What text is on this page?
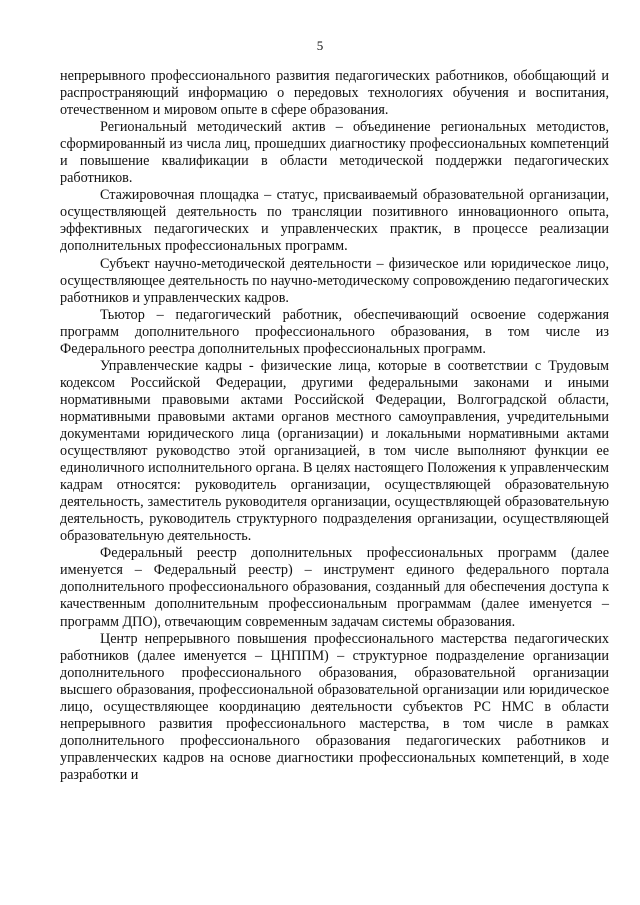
5

непрерывного профессионального развития педагогических работников, обобщающий и распространяющий информацию о передовых технологиях обучения и воспитания, отечественном и мировом опыте в сфере образования.

Региональный методический актив – объединение региональных методистов, сформированный из числа лиц, прошедших диагностику профессиональных компетенций и повышение квалификации в области методической поддержки педагогических работников.

Стажировочная площадка – статус, присваиваемый образовательной организации, осуществляющей деятельность по трансляции позитивного инновационного опыта, эффективных педагогических и управленческих практик, в процессе реализации дополнительных профессиональных программ.

Субъект научно-методической деятельности – физическое или юридическое лицо, осуществляющее деятельность по научно-методическому сопровождению педагогических работников и управленческих кадров.

Тьютор – педагогический работник, обеспечивающий освоение содержания программ дополнительного профессионального образования, в том числе из Федерального реестра дополнительных профессиональных программ.

Управленческие кадры - физические лица, которые в соответствии с Трудовым кодексом Российской Федерации, другими федеральными законами и иными нормативными правовыми актами Российской Федерации, Волгоградской области, нормативными правовыми актами органов местного самоуправления, учредительными документами юридического лица (организации) и локальными нормативными актами осуществляют руководство этой организацией, в том числе выполняют функции ее единоличного исполнительного органа. В целях настоящего Положения к управленческим кадрам относятся: руководитель организации, осуществляющей образовательную деятельность, заместитель руководителя организации, осуществляющей образовательную деятельность, руководитель структурного подразделения организации, осуществляющей образовательную деятельность.

Федеральный реестр дополнительных профессиональных программ (далее именуется – Федеральный реестр) – инструмент единого федерального портала дополнительного профессионального образования, созданный для обеспечения доступа к качественным дополнительным профессиональным программам (далее именуется – программ ДПО), отвечающим современным задачам системы образования.

Центр непрерывного повышения профессионального мастерства педагогических работников (далее именуется – ЦНППМ) – структурное подразделение организации дополнительного профессионального образования, образовательной организации высшего образования, профессиональной образовательной организации или юридическое лицо, осуществляющее координацию деятельности субъектов РС НМС в области непрерывного развития профессионального мастерства, в том числе в рамках дополнительного профессионального образования педагогических работников и управленческих кадров на основе диагностики профессиональных компетенций, в ходе разработки и
